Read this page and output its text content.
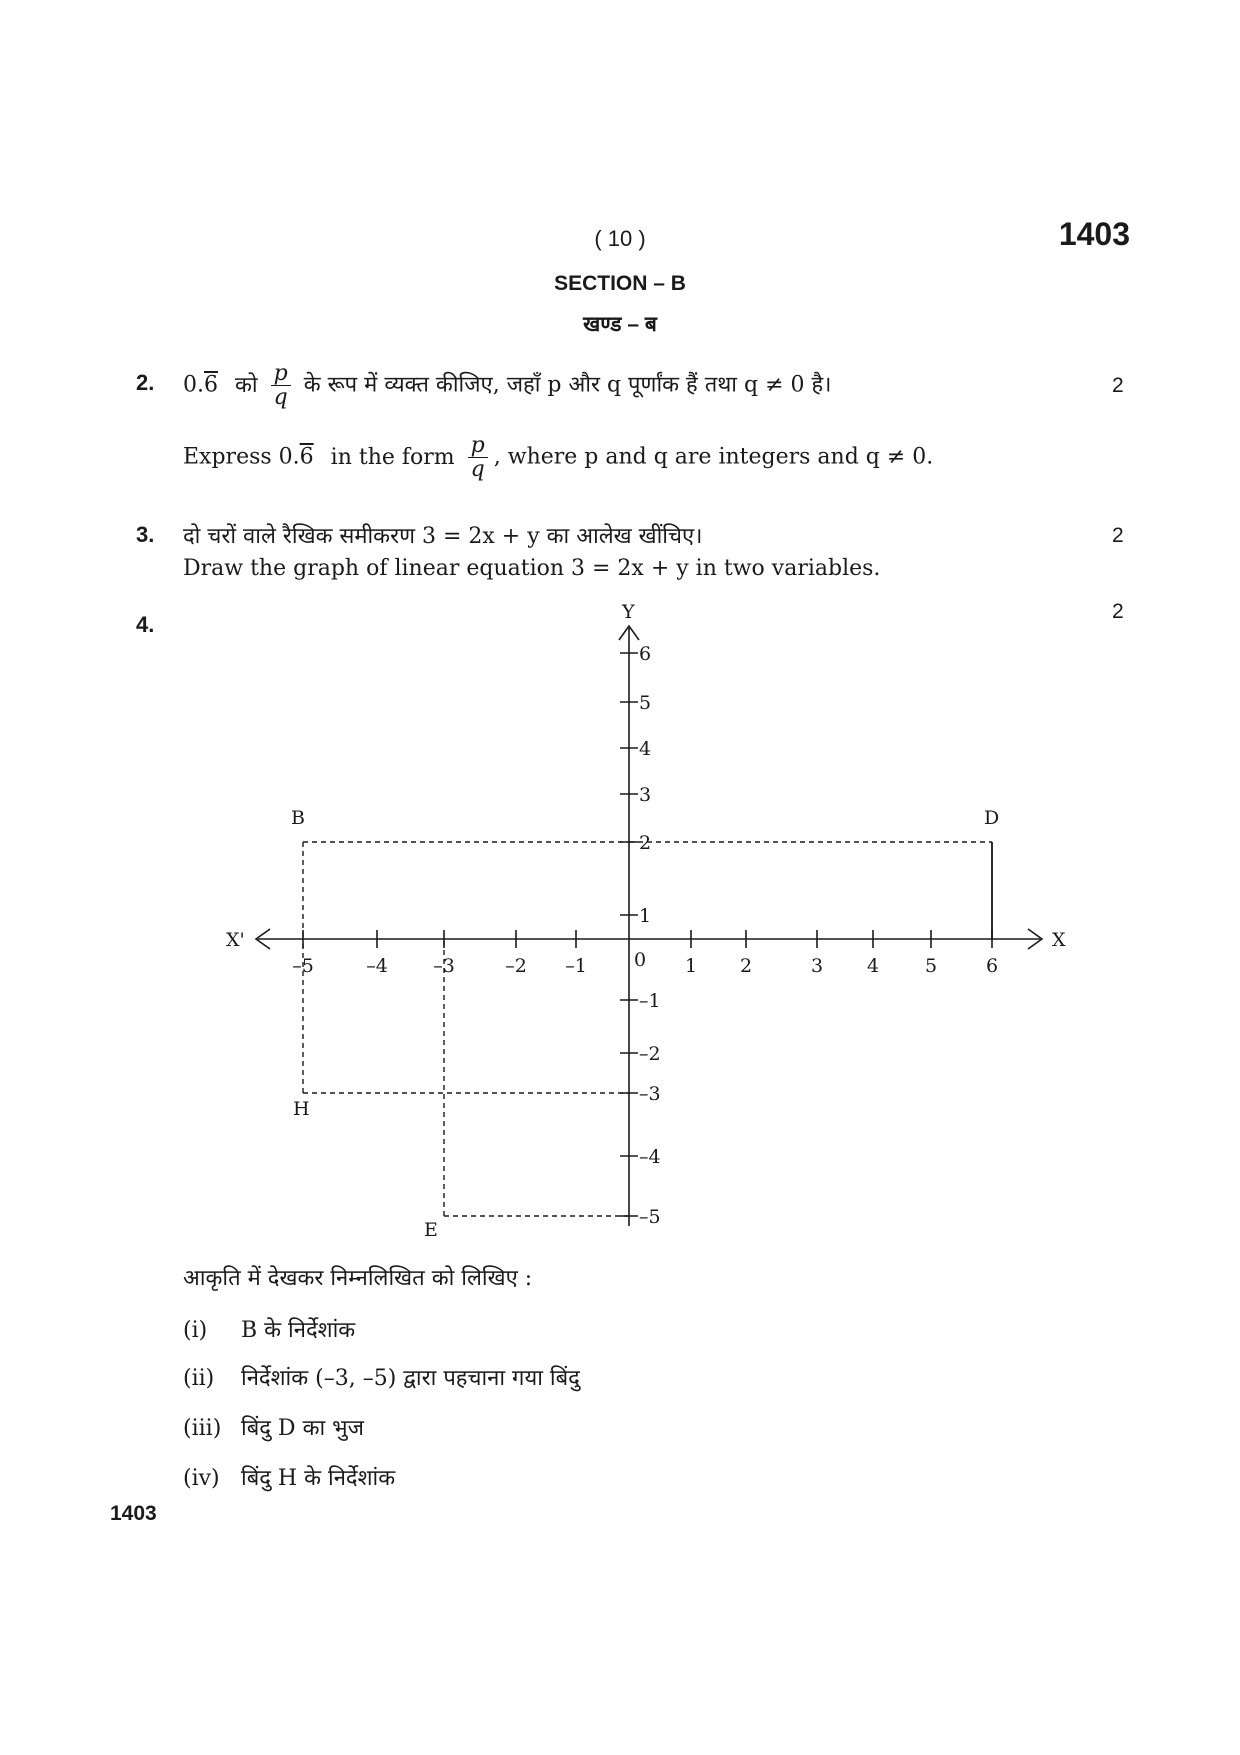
( 10 )	1403
SECTION – B
खण्ड – ब
2. 0.6 को $\frac{p}{q}$ के रूप में व्यक्त कीजिए, जहाँ p और q पूर्णांक हैं तथा q ≠ 0 है।	2
Express 0.6 in the form $\frac{p}{q}$ , where p and q are integers and q ≠ 0.
3. दो चरों वाले रैखिक समीकरण 3 = 2x + y का आलेख खींचिए।	2
Draw the graph of linear equation 3 = 2x + y in two variables.
4.
2
X'	X
Y
0
–5	–4 –3	–2 –1	1 2	3 4 5	6
6
5
4
3
2
1
–1
–2
–3
–4
–5
B	D
H
E
आकृति में देखकर निम्नलिखित को लिखिए :
(i) B के निर्देशांक
(ii) निर्देशांक (–3, –5) द्वारा पहचाना गया बिंदु
(iii) बिंदु D का भुज
(iv) बिंदु H के निर्देशांक
1403
